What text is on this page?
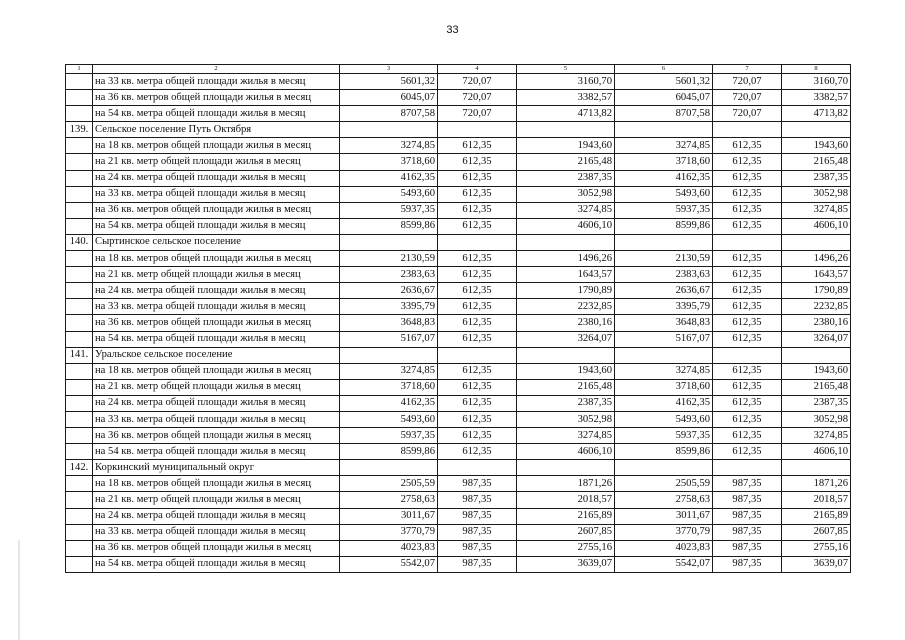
33
1	2	3	4	5	6	7	8
	на 33 кв. метра общей площади жилья в месяц	5601,32	720,07	3160,70	5601,32	720,07	3160,70
	на 36 кв. метров общей площади жилья в месяц	6045,07	720,07	3382,57	6045,07	720,07	3382,57
	на 54 кв. метра общей площади жилья в месяц	8707,58	720,07	4713,82	8707,58	720,07	4713,82
139.	Сельское поселение Путь Октября						
	на 18 кв. метров общей площади жилья в месяц	3274,85	612,35	1943,60	3274,85	612,35	1943,60
	на 21 кв. метр общей площади жилья в месяц	3718,60	612,35	2165,48	3718,60	612,35	2165,48
	на 24 кв. метра общей площади жилья в месяц	4162,35	612,35	2387,35	4162,35	612,35	2387,35
	на 33 кв. метра общей площади жилья в месяц	5493,60	612,35	3052,98	5493,60	612,35	3052,98
	на 36 кв. метров общей площади жилья в месяц	5937,35	612,35	3274,85	5937,35	612,35	3274,85
	на 54 кв. метра общей площади жилья в месяц	8599,86	612,35	4606,10	8599,86	612,35	4606,10
140.	Сыртинское сельское поселение						
	на 18 кв. метров общей площади жилья в месяц	2130,59	612,35	1496,26	2130,59	612,35	1496,26
	на 21 кв. метр общей площади жилья в месяц	2383,63	612,35	1643,57	2383,63	612,35	1643,57
	на 24 кв. метра общей площади жилья в месяц	2636,67	612,35	1790,89	2636,67	612,35	1790,89
	на 33 кв. метра общей площади жилья в месяц	3395,79	612,35	2232,85	3395,79	612,35	2232,85
	на 36 кв. метров общей площади жилья в месяц	3648,83	612,35	2380,16	3648,83	612,35	2380,16
	на 54 кв. метра общей площади жилья в месяц	5167,07	612,35	3264,07	5167,07	612,35	3264,07
141.	Уральское сельское поселение						
	на 18 кв. метров общей площади жилья в месяц	3274,85	612,35	1943,60	3274,85	612,35	1943,60
	на 21 кв. метр общей площади жилья в месяц	3718,60	612,35	2165,48	3718,60	612,35	2165,48
	на 24 кв. метра общей площади жилья в месяц	4162,35	612,35	2387,35	4162,35	612,35	2387,35
	на 33 кв. метра общей площади жилья в месяц	5493,60	612,35	3052,98	5493,60	612,35	3052,98
	на 36 кв. метров общей площади жилья в месяц	5937,35	612,35	3274,85	5937,35	612,35	3274,85
	на 54 кв. метра общей площади жилья в месяц	8599,86	612,35	4606,10	8599,86	612,35	4606,10
142.	Коркинский муниципальный округ						
	на 18 кв. метров общей площади жилья в месяц	2505,59	987,35	1871,26	2505,59	987,35	1871,26
	на 21 кв. метр общей площади жилья в месяц	2758,63	987,35	2018,57	2758,63	987,35	2018,57
	на 24 кв. метра общей площади жилья в месяц	3011,67	987,35	2165,89	3011,67	987,35	2165,89
	на 33 кв. метра общей площади жилья в месяц	3770,79	987,35	2607,85	3770,79	987,35	2607,85
	на 36 кв. метров общей площади жилья в месяц	4023,83	987,35	2755,16	4023,83	987,35	2755,16
	на 54 кв. метра общей площади жилья в месяц	5542,07	987,35	3639,07	5542,07	987,35	3639,07
